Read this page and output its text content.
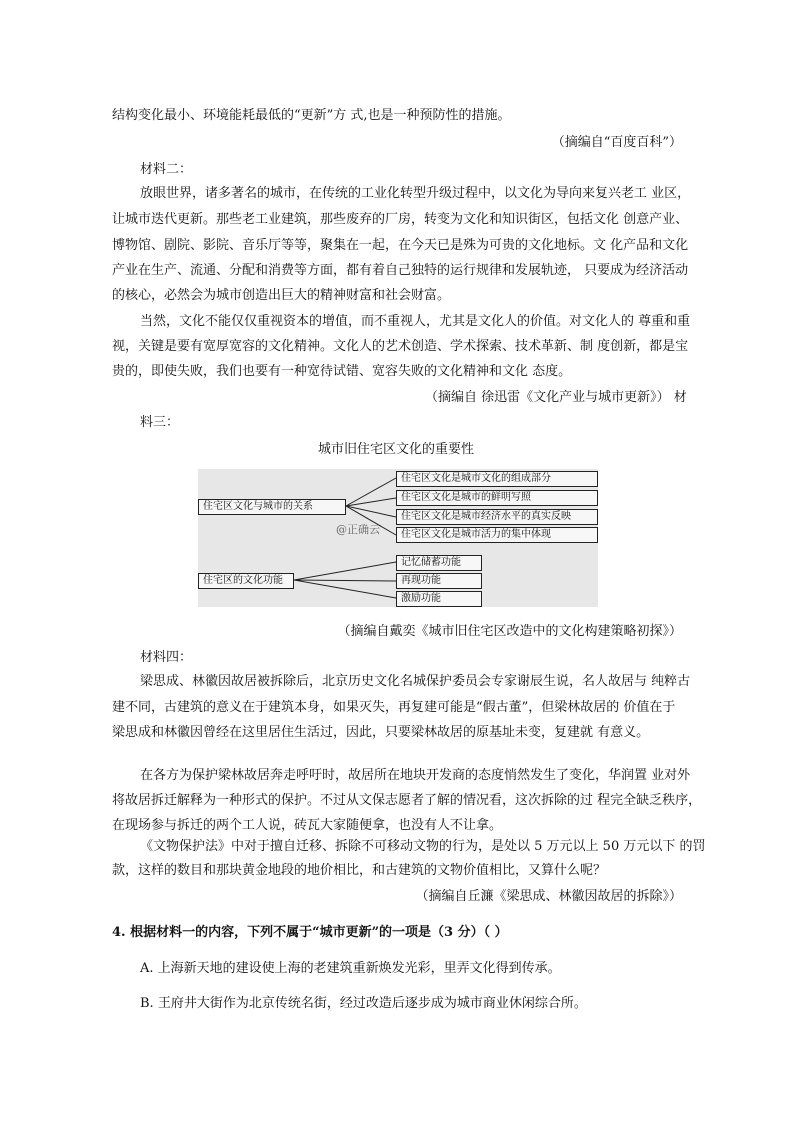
结构变化最小、环境能耗最低的“更新”方 式,也是一种预防性的措施。
（摘编自“百度百科”）
材料二：
放眼世界，诸多著名的城市，在传统的工业化转型升级过程中，以文化为导向来复兴老工 业区，
让城市迭代更新。那些老工业建筑，那些废弃的厂房，转变为文化和知识街区，包括文化 创意产业、
博物馆、剧院、影院、音乐厅等等，聚集在一起，在今天已是殊为可贵的文化地标。文 化产品和文化
产业在生产、流通、分配和消费等方面，都有着自己独特的运行规律和发展轨迹， 只要成为经济活动
的核心，必然会为城市创造出巨大的精神财富和社会财富。
当然，文化不能仅仅重视资本的增值，而不重视人，尤其是文化人的价值。对文化人的 尊重和重
视，关键是要有宽厚宽容的文化精神。文化人的艺术创造、学术探索、技术革新、制 度创新，都是宝
贵的，即使失败，我们也要有一种宽待试错、宽容失败的文化精神和文化 态度。
（摘编自 徐迅雷《文化产业与城市更新》） 材
料三：
城市旧住宅区文化的重要性
住宅区文化与城市的关系
住宅区文化是城市文化的组成部分
住宅区文化是城市的鲜明写照
住宅区文化是城市经济水平的真实反映
住宅区文化是城市活力的集中体现
@正确云
住宅区的文化功能
记忆储蓄功能
再现功能
激励功能
（摘编自戴奕《城市旧住宅区改造中的文化构建策略初探》）
材料四：
梁思成、林徽因故居被拆除后，北京历史文化名城保护委员会专家谢辰生说，名人故居与 纯粹古
建不同，古建筑的意义在于建筑本身，如果灭失，再复建可能是“假古董”，但梁林故居的 价值在于
梁思成和林徽因曾经在这里居住生活过，因此，只要梁林故居的原基址未变，复建就 有意义。
在各方为保护梁林故居奔走呼吁时，故居所在地块开发商的态度悄然发生了变化，华润置 业对外
将故居拆迁解释为一种形式的保护。不过从文保志愿者了解的情况看，这次拆除的过 程完全缺乏秩序，
在现场参与拆迁的两个工人说，砖瓦大家随便拿，也没有人不让拿。
《文物保护法》中对于擅自迁移、拆除不可移动文物的行为，是处以 5 万元以上 50 万元以下 的罚
款，这样的数目和那块黄金地段的地价相比，和古建筑的文物价值相比，又算什么呢？
（摘编自丘濂《梁思成、林徽因故居的拆除》）
4. 根据材料一的内容，下列不属于“城市更新”的一项是（3 分）（ ）
A. 上海新天地的建设使上海的老建筑重新焕发光彩，里弄文化得到传承。
B. 王府井大街作为北京传统名街，经过改造后逐步成为城市商业休闲综合所。
